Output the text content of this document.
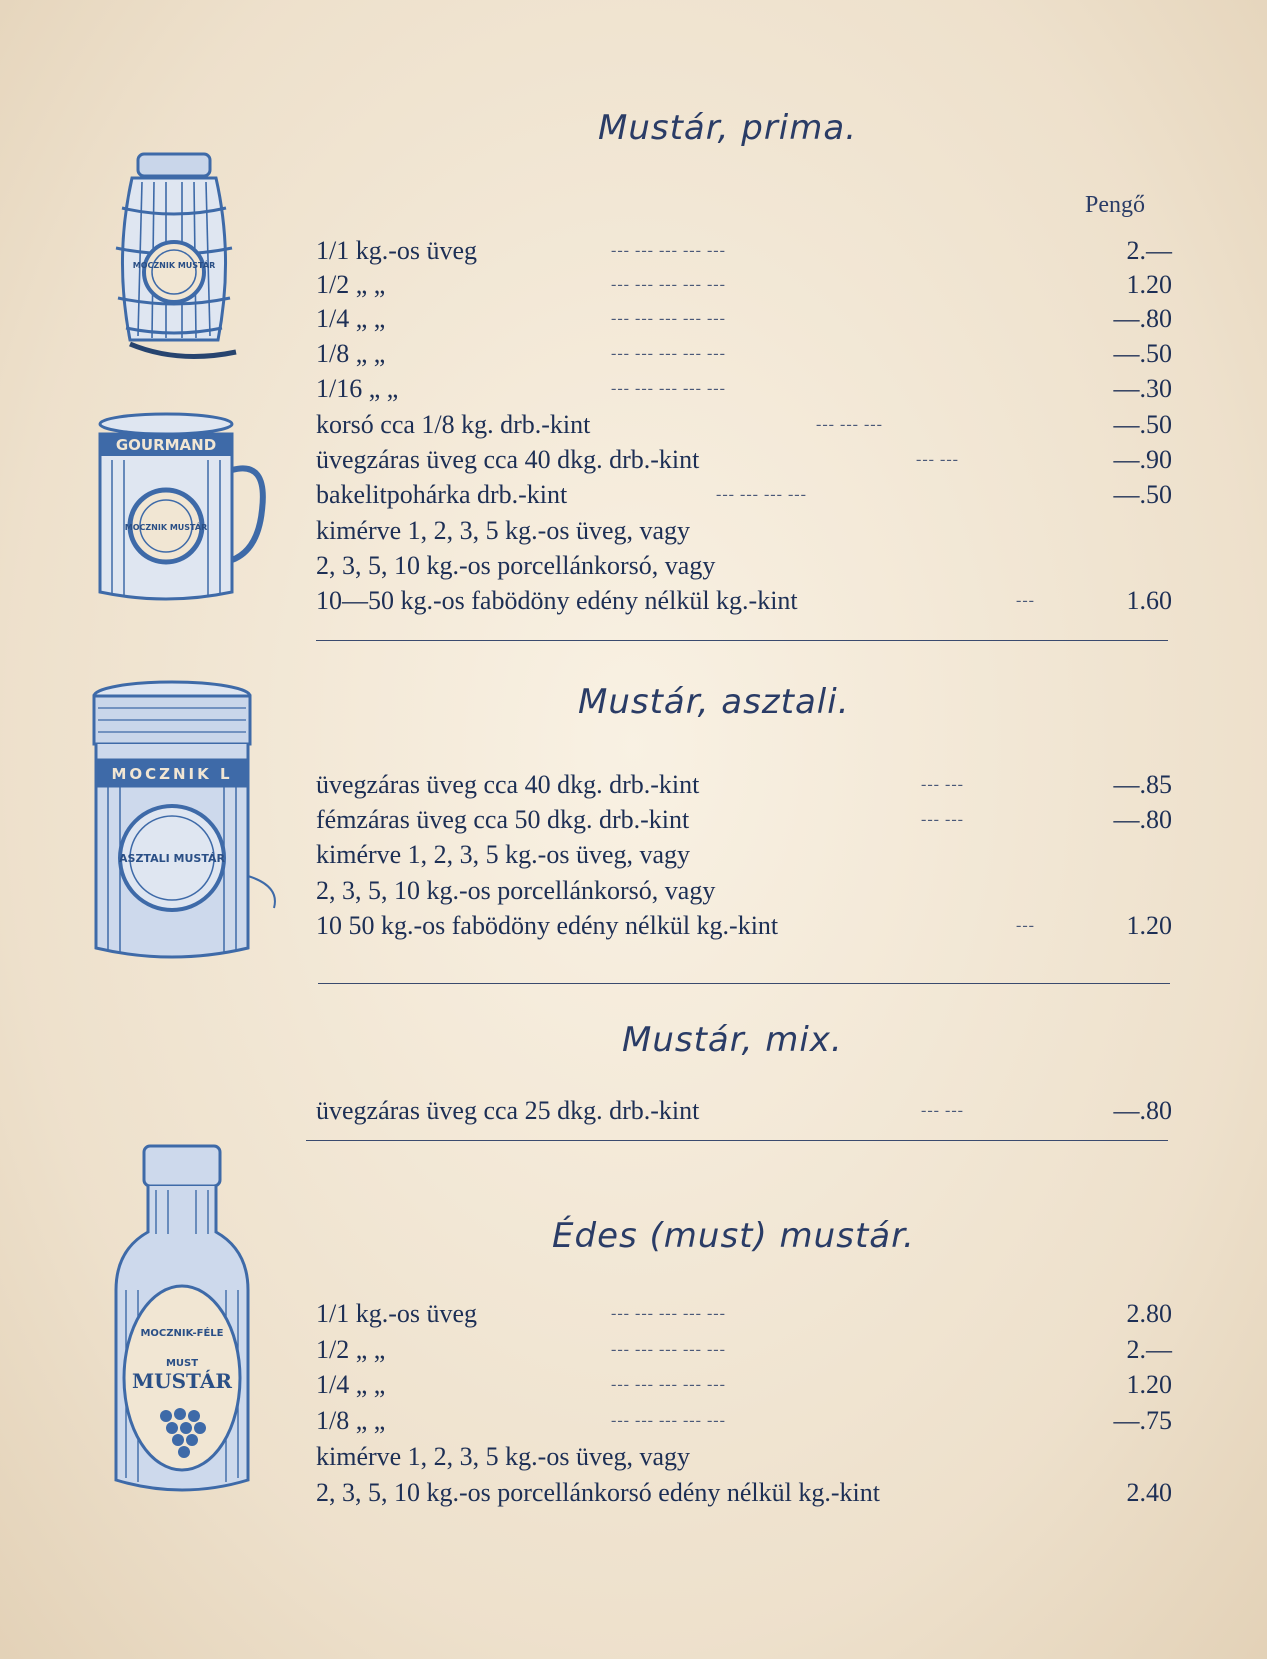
Pengő
Mustár, prima.
Mustár, asztali.
Mustár, mix.
Édes (must) mustár.
1/1 kg.-os üveg	--- --- --- --- ---	2.—
1/2 „ „	--- --- --- --- ---	1.20
1/4 „ „	--- --- --- --- ---	—.80
1/8 „ „	--- --- --- --- ---	—.50
1/16 „ „	--- --- --- --- ---	—.30
korsó cca 1/8 kg. drb.-kint	--- --- ---	—.50
üvegzáras üveg cca 40 dkg. drb.-kint	--- ---	—.90
bakelitpohárka drb.-kint	--- --- --- ---	—.50
kimérve 1, 2, 3, 5 kg.-os üveg, vagy
2, 3, 5, 10 kg.-os porcellánkorsó, vagy
10—50 kg.-os fabödöny edény nélkül kg.-kint	---	1.60
üvegzáras üveg cca 40 dkg. drb.-kint	--- ---	—.85
fémzáras üveg cca 50 dkg. drb.-kint	--- ---	—.80
kimérve 1, 2, 3, 5 kg.-os üveg, vagy
2, 3, 5, 10 kg.-os porcellánkorsó, vagy
10 50 kg.-os fabödöny edény nélkül kg.-kint	---	1.20
üvegzáras üveg cca 25 dkg. drb.-kint	--- ---	—.80
1/1 kg.-os üveg	--- --- --- --- ---	2.80
1/2 „ „	--- --- --- --- ---	2.—
1/4 „ „	--- --- --- --- ---	1.20
1/8 „ „	--- --- --- --- ---	—.75
kimérve 1, 2, 3, 5 kg.-os üveg, vagy
2, 3, 5, 10 kg.-os porcellánkorsó edény nélkül kg.-kint	2.40
MOCZNIK MUSTÁR
GOURMAND
MOCZNIK MUSTÁR
MOCZNIK L
ASZTALI MUSTÁR
MOCZNIK-FÉLE
MUST
MUSTÁR
